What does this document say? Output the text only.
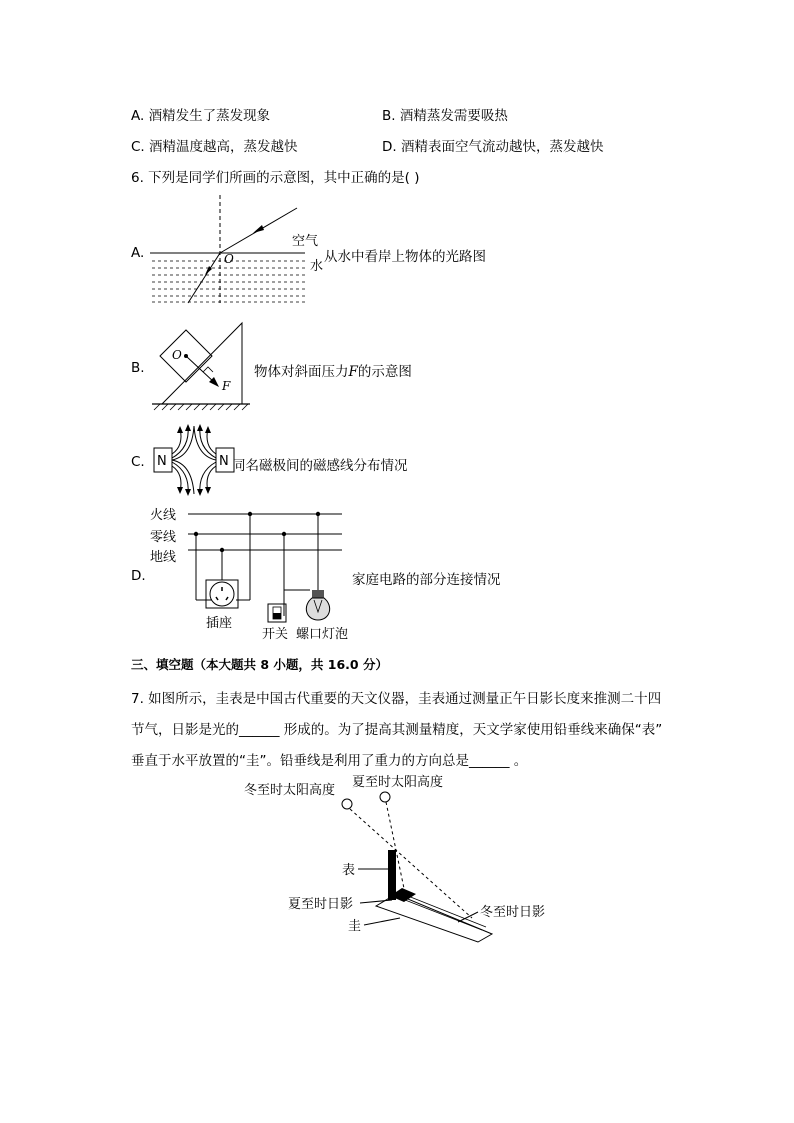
A. 酒精发生了蒸发现象	B. 酒精蒸发需要吸热
C. 酒精温度越高，蒸发越快	D. 酒精表面空气流动越快，蒸发越快
6. 下列是同学们所画的示意图，其中正确的是( )
A.	O
空气
水
从水中看岸上物体的光路图
B.
O
F
物体对斜面压力F的示意图
C. N	N 同名磁极间的磁感线分布情况
D.
火线
零线
地线
插座
开关 螺口灯泡
家庭电路的部分连接情况
三、填空题（本大题共 8 小题，共 16.0 分）
7. 如图所示，圭表是中国古代重要的天文仪器，圭表通过测量正午日影长度来推测二十四
节气，日影是光的______ 形成的。为了提高其测量精度，天文学家使用铅垂线来确保“表”
垂直于水平放置的“圭”。铅垂线是利用了重力的方向总是______ 。
冬至时太阳高度
夏至时太阳高度
表
夏至时日影
圭
冬至时日影
